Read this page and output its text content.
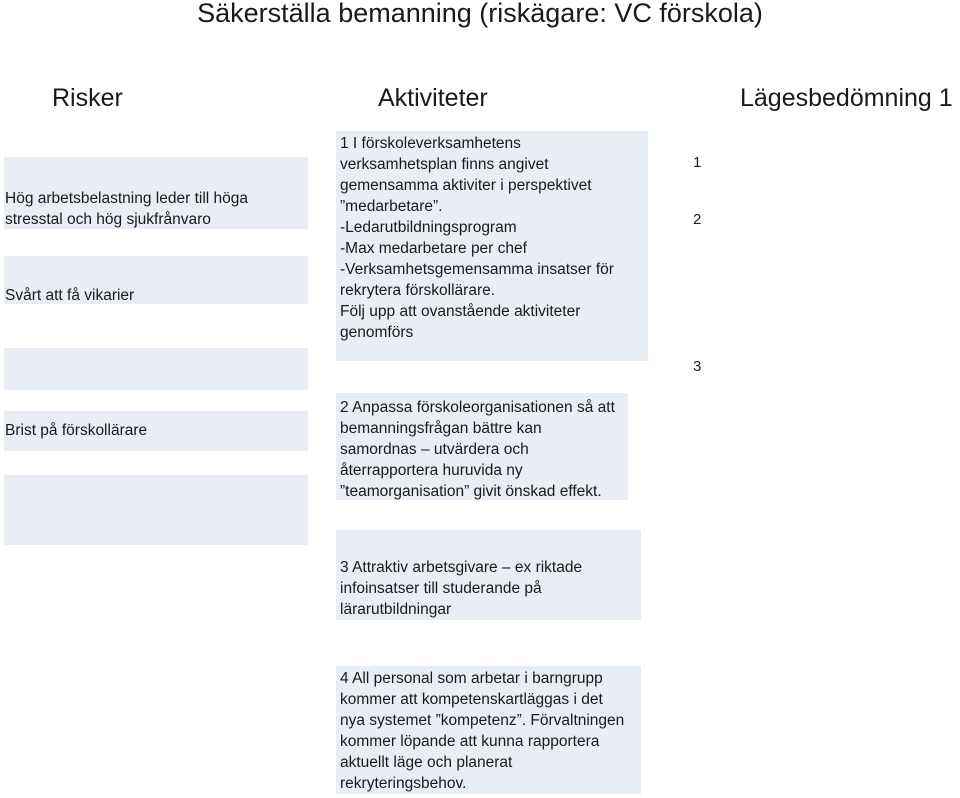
Säkerställa bemanning (riskägare: VC förskola)
Risker	Aktiviteter	Lägesbedömning 1
Hög arbetsbelastning leder till höga
stresstal och hög sjukfrånvaro
Svårt att få vikarier
Brist på förskollärare
1 I förskoleverksamhetens
verksamhetsplan finns angivet
gemensamma aktiviter i perspektivet
”medarbetare”.
-Ledarutbildningsprogram
-Max medarbetare per chef
-Verksamhetsgemensamma insatser för
rekrytera förskollärare.
Följ upp att ovanstående aktiviteter
genomförs
2 Anpassa förskoleorganisationen så att
bemanningsfrågan bättre kan
samordnas – utvärdera och
återrapportera huruvida ny
”teamorganisation” givit önskad effekt.
3 Attraktiv arbetsgivare – ex riktade
infoinsatser till studerande på
lärarutbildningar
4 All personal som arbetar i barngrupp
kommer att kompetenskartläggas i det
nya systemet ”kompetenz”. Förvaltningen
kommer löpande att kunna rapportera
aktuellt läge och planerat
rekryteringsbehov.
1
2
3
